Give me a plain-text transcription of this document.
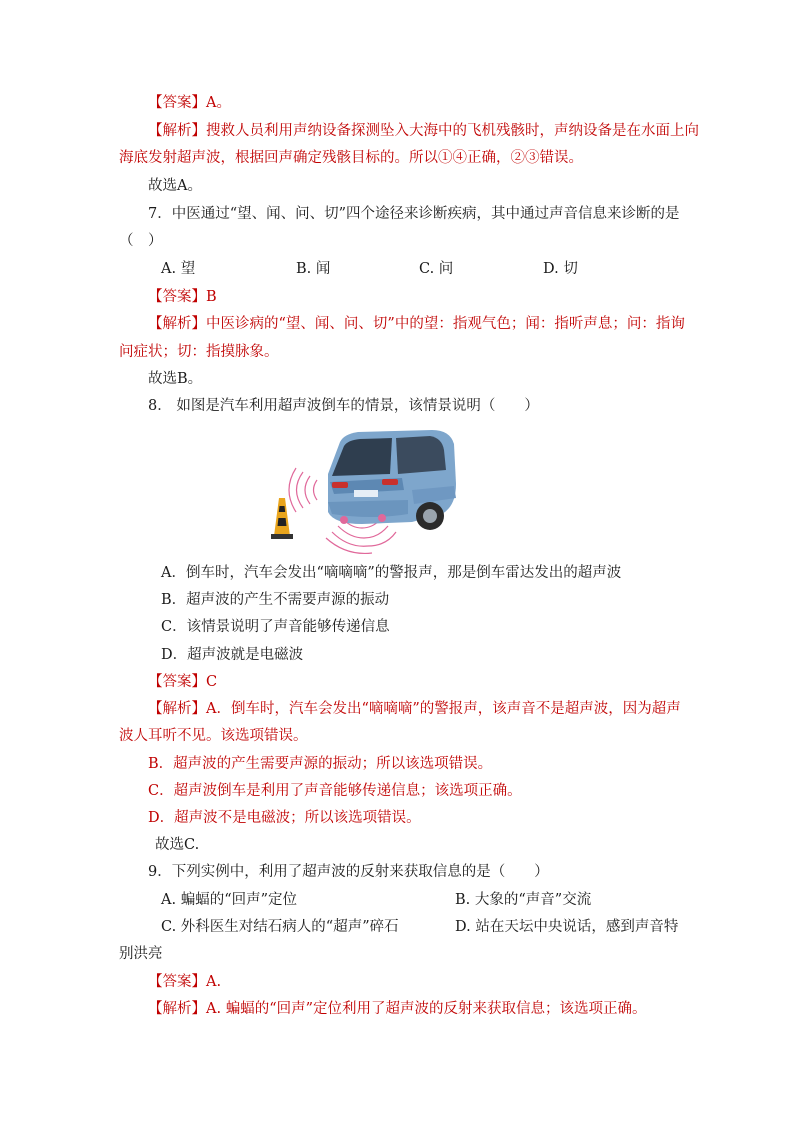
【答案】A。
【解析】搜救人员利用声纳设备探测坠入大海中的飞机残骸时，声纳设备是在水面上向
海底发射超声波，根据回声确定残骸目标的。所以①④正确，②③错误。
故选A。
7．中医通过“望、闻、问、切”四个途径来诊断疾病，其中通过声音信息来诊断的是
（　）
A. 望	B. 闻	C. 问	D. 切
【答案】B
【解析】中医诊病的“望、闻、问、切”中的望：指观气色；闻：指听声息；问：指询
问症状；切：指摸脉象。
故选B。
8． 如图是汽车利用超声波倒车的情景，该情景说明（　　）
A．倒车时，汽车会发出“嘀嘀嘀”的警报声，那是倒车雷达发出的超声波
B．超声波的产生不需要声源的振动
C．该情景说明了声音能够传递信息
D．超声波就是电磁波
【答案】C
【解析】A．倒车时，汽车会发出“嘀嘀嘀”的警报声，该声音不是超声波，因为超声
波人耳听不见。该选项错误。
B．超声波的产生需要声源的振动；所以该选项错误。
C．超声波倒车是利用了声音能够传递信息；该选项正确。
D．超声波不是电磁波；所以该选项错误。
故选C.
9．下列实例中，利用了超声波的反射来获取信息的是（　　）
A. 蝙蝠的“回声”定位	B. 大象的“声音”交流
C. 外科医生对结石病人的“超声”碎石	D. 站在天坛中央说话，感到声音特
别洪亮
【答案】A.
【解析】A. 蝙蝠的“回声”定位利用了超声波的反射来获取信息；该选项正确。
